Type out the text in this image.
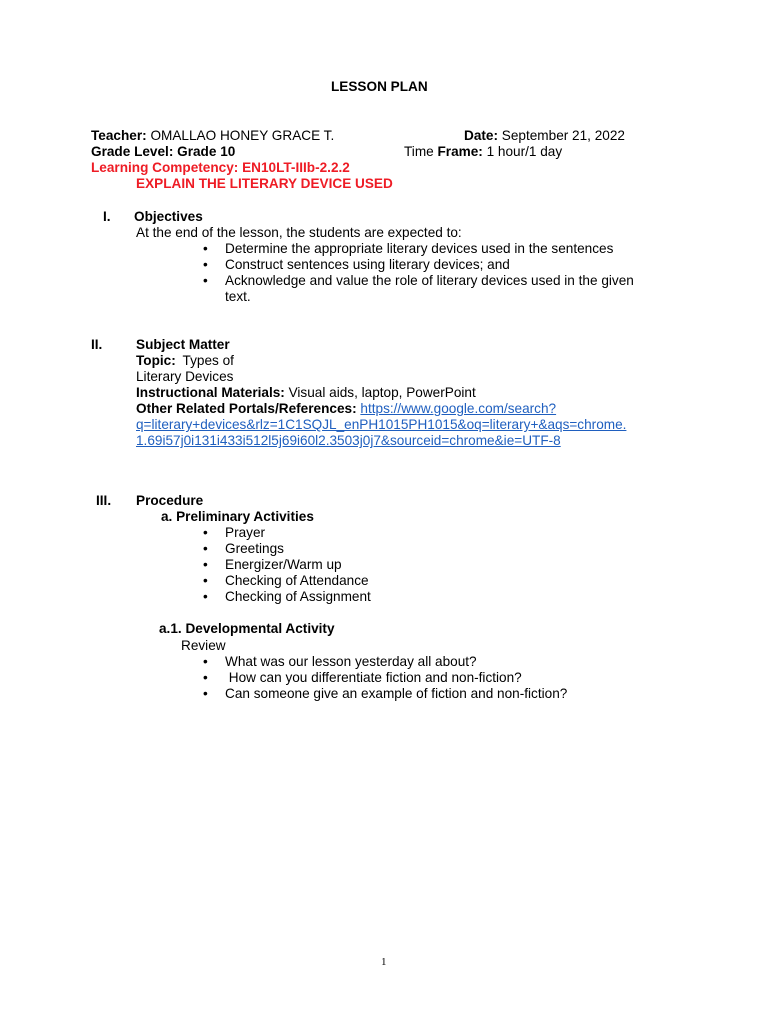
LESSON PLAN
Teacher: OMALLAO HONEY GRACE T.	Date: September 21, 2022
Grade Level: Grade 10	Time Frame: 1 hour/1 day
Learning Competency: EN10LT-IIIb-2.2.2
EXPLAIN THE LITERARY DEVICE USED
I. Objectives
At the end of the lesson, the students are expected to:
• Determine the appropriate literary devices used in the sentences
• Construct sentences using literary devices; and
• Acknowledge and value the role of literary devices used in the given
text.
II. Subject Matter
Topic: Types of
Literary Devices
Instructional Materials: Visual aids, laptop, PowerPoint
Other Related Portals/References: https://www.google.com/search?
q=literary+devices&rlz=1C1SQJL_enPH1015PH1015&oq=literary+&aqs=chrome.
1.69i57j0i131i433i512l5j69i60l2.3503j0j7&sourceid=chrome&ie=UTF-8
III. Procedure
a. Preliminary Activities
• Prayer
• Greetings
• Energizer/Warm up
• Checking of Attendance
• Checking of Assignment
a.1. Developmental Activity
Review
• What was our lesson yesterday all about?
• How can you differentiate fiction and non-fiction?
• Can someone give an example of fiction and non-fiction?
1
